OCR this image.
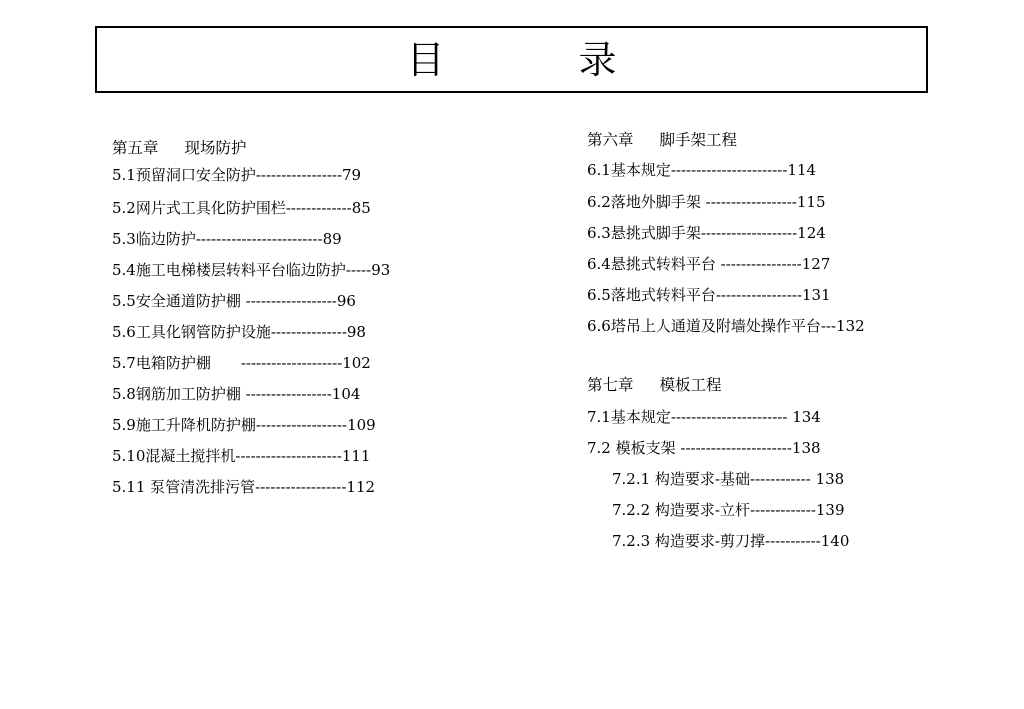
目　录
第五章 现场防护
5.1预留洞口安全防护-----------------79
5.2网片式工具化防护围栏-------------85
5.3临边防护-------------------------89
5.4施工电梯楼层转料平台临边防护-----93
5.5安全通道防护棚 ------------------96
5.6工具化钢管防护设施---------------98
5.7电箱防护棚　　--------------------102
5.8钢筋加工防护棚 -----------------104
5.9施工升降机防护棚------------------109
5.10混凝土搅拌机---------------------111
5.11 泵管清洗排污管------------------112
第六章 脚手架工程
6.1基本规定-----------------------114
6.2落地外脚手架 ------------------115
6.3悬挑式脚手架-------------------124
6.4悬挑式转料平台 ----------------127
6.5落地式转料平台-----------------131
6.6塔吊上人通道及附墙处操作平台---132
第七章 模板工程
7.1基本规定----------------------- 134
7.2 模板支架 ----------------------138
7.2.1 构造要求-基础------------ 138
7.2.2 构造要求-立杆-------------139
7.2.3 构造要求-剪刀撑-----------140
